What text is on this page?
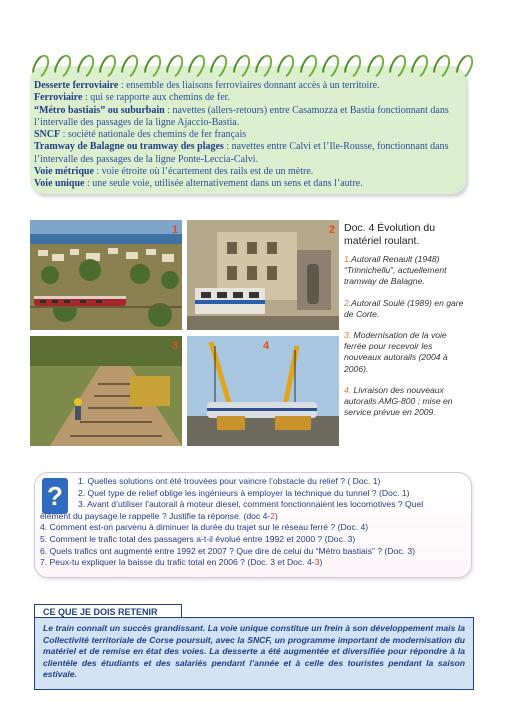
Desserte ferroviaire : ensemble des liaisons ferroviaires donnant accès à un territoire.

Ferroviaire : qui se rapporte aux chemins de fer.

“Métro bastiais” ou suburbain : navettes (allers-retours) entre Casamozza et Bastia fonctionnant dans l’intervalle des passages de la ligne Ajaccio-Bastia.

SNCF : société nationale des chemins de fer français

Tramway de Balagne ou tramway des plages : navettes entre Calvi et l’Ile-Rousse, fonctionnant dans l’intervalle des passages de la ligne Ponte-Leccia-Calvi.

Voie métrique : voie étroite où l’écartement des rails est de un mètre.

Voie unique : une seule voie, utilisée alternativement dans un sens et dans l’autre.

1	2
3	4
Doc. 4 Évolution du matériel roulant.

1.Autorail Renault (1948) “Trinnichellu”, actuellement tramway de Balagne.

2.Autorail Soulé (1989) en gare de Corte.

3. Modernisation de la voie ferrée pour recevoir les nouveaux autorails (2004 à 2006).

4. Livraison des nouveaux autorails AMG-800 ; mise en service prévue en 2009.

?	1. Quelles solutions ont été trouvées pour vaincre l’obstacle du relief ? ( Doc. 1)

2. Quel type de relief oblige les ingénieurs à employer la technique du tunnel ? (Doc. 1)

3. Avant d’utiliser l’autorail à moteur diesel, comment fonctionnaient les locomotives ? Quel

élément du paysage le rappelle ? Justifie ta réponse. (doc 4-2)

4. Comment est-on parvenu à diminuer la durée du trajet sur le réseau ferré ? (Doc. 4)

5. Comment le trafic total des passagers a-t-il évolué entre 1992 et 2000 ? (Doc. 3)

6. Quels trafics ont augmenté entre 1992 et 2007 ? Que dire de celui du “Métro bastiais” ? (Doc. 3)

7. Peux-tu expliquer la baisse du trafic total en 2006 ? (Doc. 3 et Doc. 4-3)

CE QUE JE DOIS RETENIR
Le train connaît un succès grandissant. La voie unique constitue un frein à son développement mais la Collectivité territoriale de Corse poursuit, avec la SNCF, un programme important de modernisation du matériel et de remise en état des voies. La desserte a été augmentée et diversifiée pour répondre à la clientèle des étudiants et des salariés pendant l’année et à celle des touristes pendant la saison estivale.
